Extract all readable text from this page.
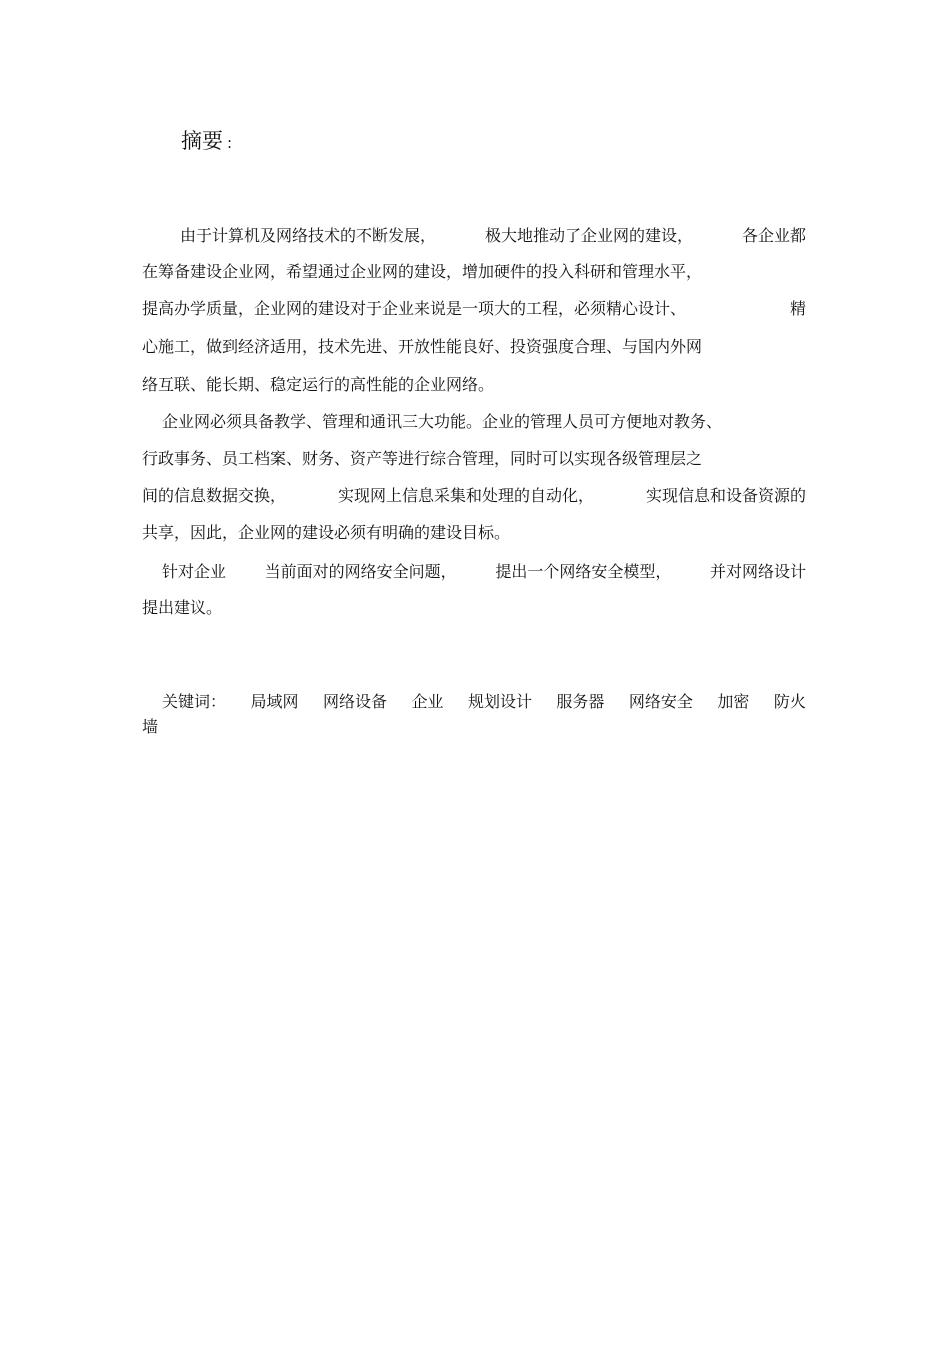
摘要 :
由于计算机及网络技术的不断发展，	极大地推动了企业网的建设，	各企业都
在筹备建设企业网，希望通过企业网的建设，增加硬件的投入科研和管理水平，
提高办学质量，企业网的建设对于企业来说是一项大的工程，必须精心设计、	精
心施工，做到经济适用，技术先进、开放性能良好、投资强度合理、与国内外网
络互联、能长期、稳定运行的高性能的企业网络。
企业网必须具备教学、管理和通讯三大功能。企业的管理人员可方便地对教务、
行政事务、员工档案、财务、资产等进行综合管理，同时可以实现各级管理层之
间的信息数据交换，	实现网上信息采集和处理的自动化，	实现信息和设备资源的
共享，因此，企业网的建设必须有明确的建设目标。
针对企业 当前面对的网络安全问题， 提出一个网络安全模型， 并对网络设计
提出建议。
关键词： 局域网 网络设备 企业 规划设计 服务器 网络安全 加密 防火
墙
